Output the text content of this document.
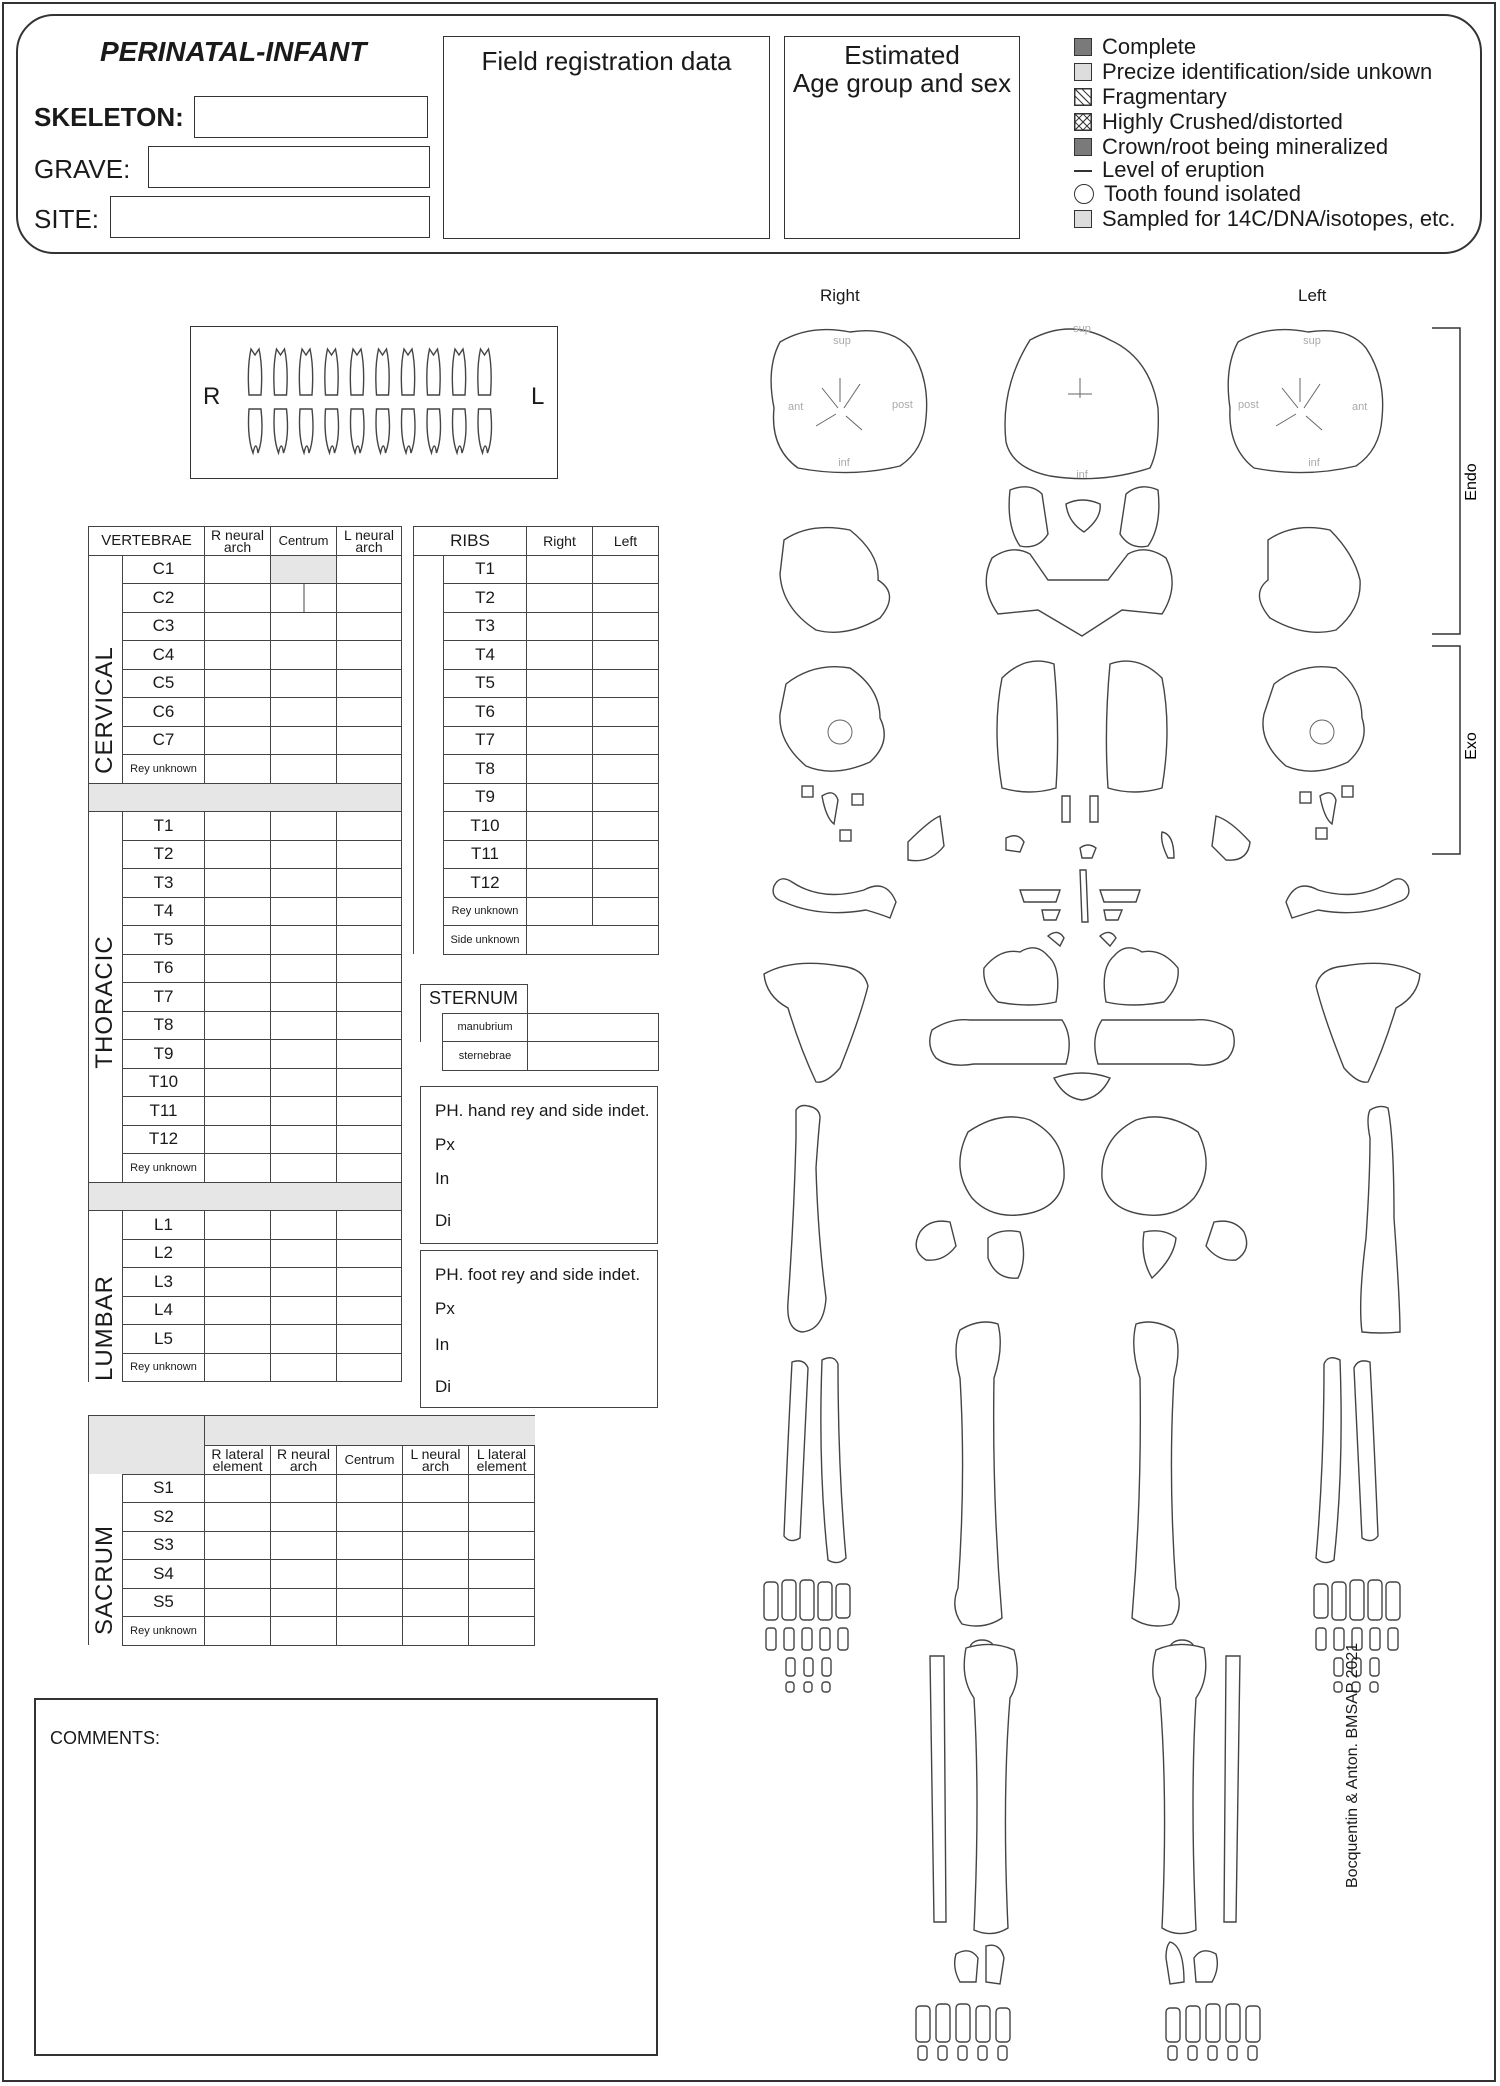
PERINATAL-INFANT
SKELETON:
GRAVE:
SITE:
Field registration data	Estimated
Age group and sex
Complete
Precize identification/side unkown
Fragmentary
Highly Crushed/distorted
Crown/root being mineralized
Level of eruption
Tooth found isolated
Sampled for 14C/DNA/isotopes, etc.
R	L
VERTEBRAE		R neural arch	Centrum	L neural arch
	C1			
	C2			
	C3			
	C4			
	C5			
	C6			
	C7			
	Rey unknown			

	T1			
	T2			
	T3			
	T4			
	T5			
	T6			
	T7			
	T8			
	T9			
	T10			
	T11			
	T12			
	Rey unknown			

	L1			
	L2			
	L3			
	L4			
	L5			
	Rey unknown			

		R lateral element	R neural arch	Centrum	L neural arch	L lateral element
	S1					
	S2					
	S3					
	S4					
	S5					
	Rey unknown					
CERVICAL
THORACIC
LUMBAR
SACRUM
RIBS		Right	Left
	T1		
	T2		
	T3		
	T4		
	T5		
	T6		
	T7		
	T8		
	T9		
	T10		
	T11		
	T12		
	Rey unknown		
	Side unknown		
STERNUM		
	manubrium	
	sternebrae	
PH. hand rey and side indet.
Px
In
Di
PH. foot rey and side indet.
Px
In
Di
COMMENTS:
Right	Left
Endo
Exo
sup
inf
ant	post
sup
inf
post	ant
sup
inf
Bocquentin & Anton. BMSAP 2021
